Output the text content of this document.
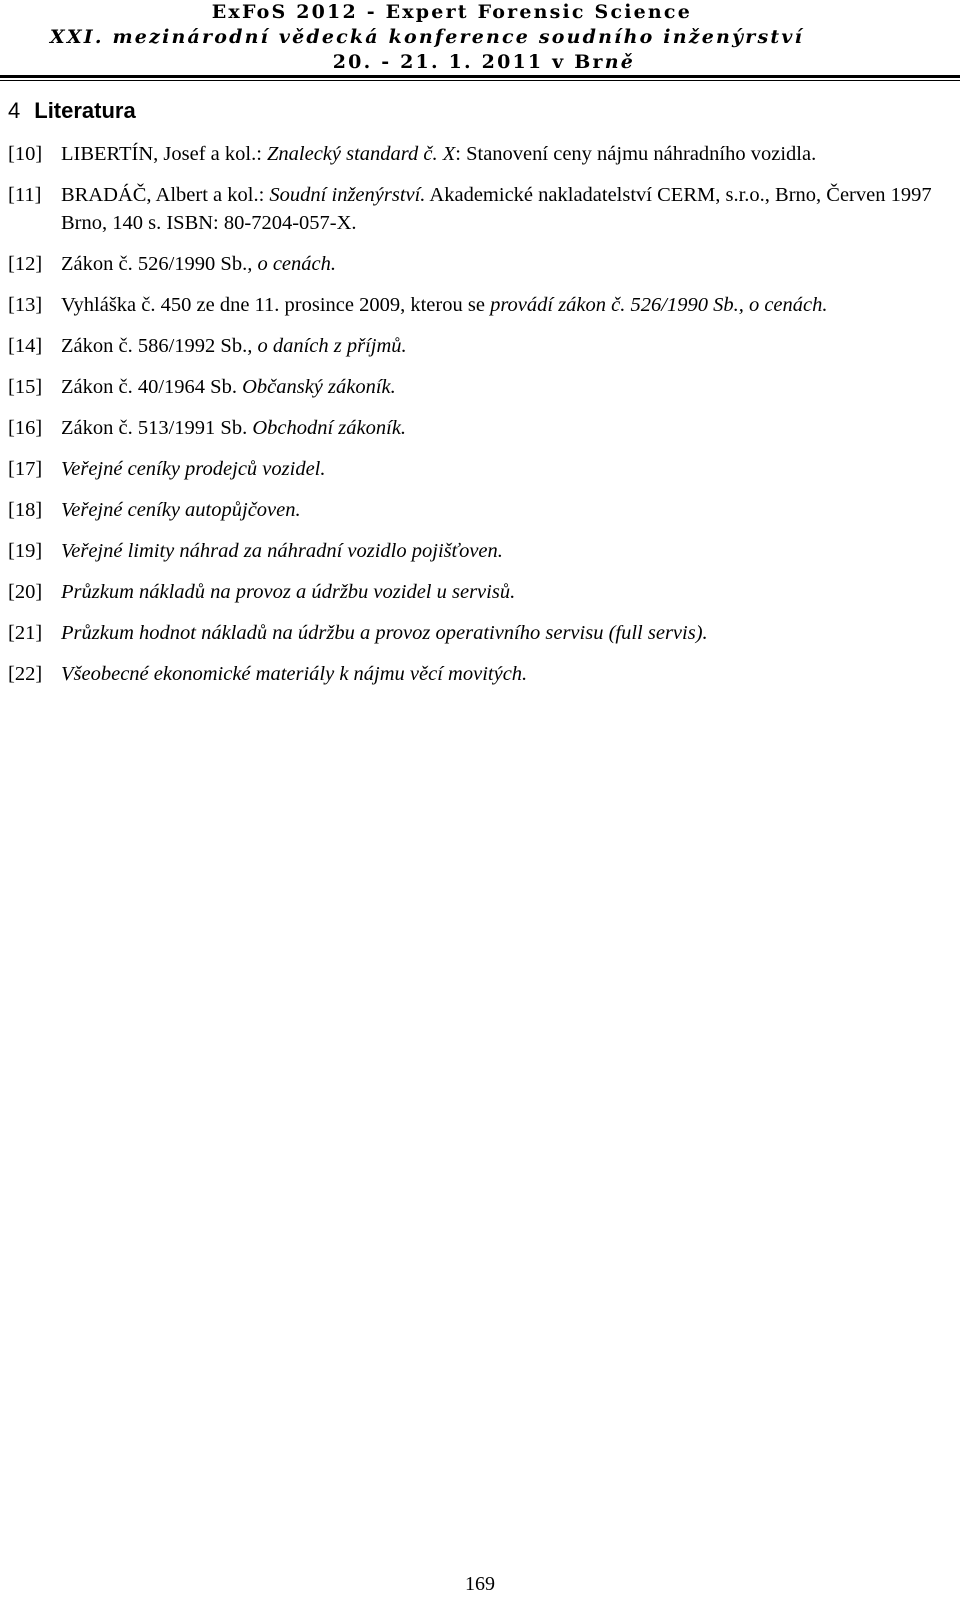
ExFoS 2012 - Expert Forensic Science
XXI. mezinárodní vědecká konference soudního inženýrství
20. - 21. 1. 2011 v Brně
4 Literatura
[10] LIBERTÍN, Josef a kol.: Znalecký standard č. X: Stanovení ceny nájmu náhradního vozidla.
[11] BRADÁČ, Albert a kol.: Soudní inženýrství. Akademické nakladatelství CERM, s.r.o., Brno, Červen 1997 Brno, 140 s. ISBN: 80-7204-057-X.
[12] Zákon č. 526/1990 Sb., o cenách.
[13] Vyhláška č. 450 ze dne 11. prosince 2009, kterou se provádí zákon č. 526/1990 Sb., o cenách.
[14] Zákon č. 586/1992 Sb., o daních z příjmů.
[15] Zákon č. 40/1964 Sb. Občanský zákoník.
[16] Zákon č. 513/1991 Sb. Obchodní zákoník.
[17] Veřejné ceníky prodejců vozidel.
[18] Veřejné ceníky autopůjčoven.
[19] Veřejné limity náhrad za náhradní vozidlo pojišťoven.
[20] Průzkum nákladů na provoz a údržbu vozidel u servisů.
[21] Průzkum hodnot nákladů na údržbu a provoz operativního servisu (full servis).
[22] Všeobecné ekonomické materiály k nájmu věcí movitých.
169
